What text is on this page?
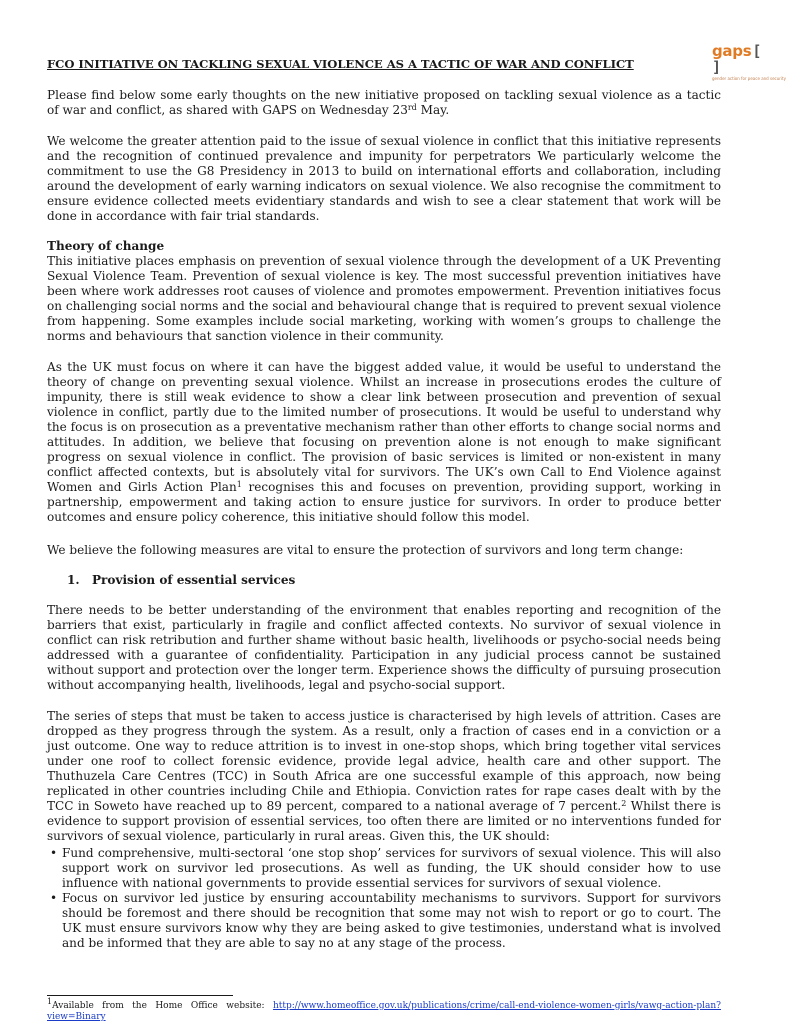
gaps[ ]
gender action for peace and security
FCO INITIATIVE ON TACKLING SEXUAL VIOLENCE AS A TACTIC OF WAR AND CONFLICT

Please find below some early thoughts on the new initiative proposed on tackling sexual violence as a tactic of war and conflict, as shared with GAPS on Wednesday 23rd May.

We welcome the greater attention paid to the issue of sexual violence in conflict that this initiative represents and the recognition of continued prevalence and impunity for perpetrators We particularly welcome the commitment to use the G8 Presidency in 2013 to build on international efforts and collaboration, including around the development of early warning indicators on sexual violence. We also recognise the commitment to ensure evidence collected meets evidentiary standards and wish to see a clear statement that work will be done in accordance with fair trial standards.

Theory of change

This initiative places emphasis on prevention of sexual violence through the development of a UK Preventing Sexual Violence Team. Prevention of sexual violence is key. The most successful prevention initiatives have been where work addresses root causes of violence and promotes empowerment. Prevention initiatives focus on challenging social norms and the social and behavioural change that is required to prevent sexual violence from happening. Some examples include social marketing, working with women’s groups to challenge the norms and behaviours that sanction violence in their community.

As the UK must focus on where it can have the biggest added value, it would be useful to understand the theory of change on preventing sexual violence. Whilst an increase in prosecutions erodes the culture of impunity, there is still weak evidence to show a clear link between prosecution and prevention of sexual violence in conflict, partly due to the limited number of prosecutions. It would be useful to understand why the focus is on prosecution as a preventative mechanism rather than other efforts to change social norms and attitudes. In addition, we believe that focusing on prevention alone is not enough to make significant progress on sexual violence in conflict. The provision of basic services is limited or non-existent in many conflict affected contexts, but is absolutely vital for survivors. The UK’s own Call to End Violence against Women and Girls Action Plan$^1$ recognises this and focuses on prevention, providing support, working in partnership, empowerment and taking action to ensure justice for survivors. In order to produce better outcomes and ensure policy coherence, this initiative should follow this model.

We believe the following measures are vital to ensure the protection of survivors and long term change:

1. Provision of essential services

There needs to be better understanding of the environment that enables reporting and recognition of the barriers that exist, particularly in fragile and conflict affected contexts. No survivor of sexual violence in conflict can risk retribution and further shame without basic health, livelihoods or psycho-social needs being addressed with a guarantee of confidentiality. Participation in any judicial process cannot be sustained without support and protection over the longer term. Experience shows the difficulty of pursuing prosecution without accompanying health, livelihoods, legal and psycho-social support.

The series of steps that must be taken to access justice is characterised by high levels of attrition. Cases are dropped as they progress through the system. As a result, only a fraction of cases end in a conviction or a just outcome. One way to reduce attrition is to invest in one-stop shops, which bring together vital services under one roof to collect forensic evidence, provide legal advice, health care and other support. The Thuthuzela Care Centres (TCC) in South Africa are one successful example of this approach, now being replicated in other countries including Chile and Ethiopia. Conviction rates for rape cases dealt with by the TCC in Soweto have reached up to 89 percent, compared to a national average of 7 percent.$^2$ Whilst there is evidence to support provision of essential services, too often there are limited or no interventions funded for survivors of sexual violence, particularly in rural areas. Given this, the UK should:

• Fund comprehensive, multi-sectoral ‘one stop shop’ services for survivors of sexual violence. This will also support work on survivor led prosecutions. As well as funding, the UK should consider how to use influence with national governments to provide essential services for survivors of sexual violence.
• Focus on survivor led justice by ensuring accountability mechanisms to survivors. Support for survivors should be foremost and there should be recognition that some may not wish to report or go to court. The UK must ensure survivors know why they are being asked to give testimonies, understand what is involved and be informed that they are able to say no at any stage of the process.
$^1$Available from the Home Office website: http://www.homeoffice.gov.uk/publications/crime/call-end-violence-women-girls/vawg-action-plan?view=Binary
